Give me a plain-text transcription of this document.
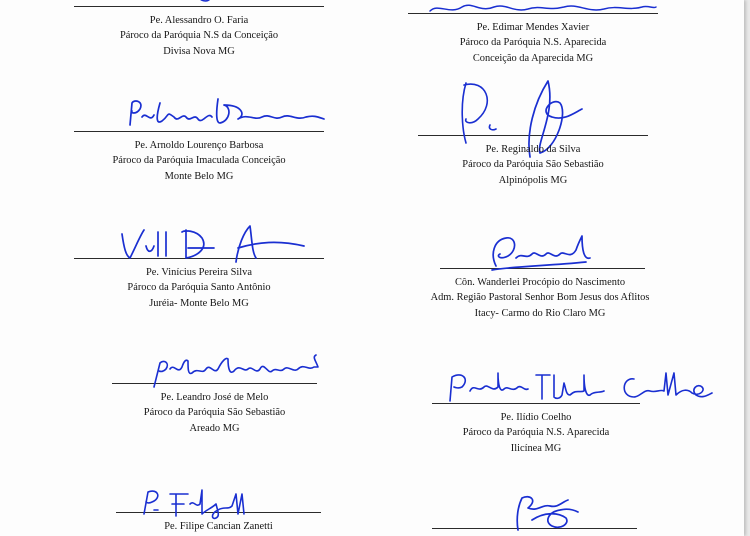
Pe. Alessandro O. Faria
Pároco da Paróquia N.S da Conceição
Divisa Nova MG
Pe. Edimar Mendes Xavier
Pároco da Paróquia N.S. Aparecida
Conceição da Aparecida MG
Pe. Arnoldo Lourenço Barbosa
Pároco da Paróquia Imaculada Conceição
Monte Belo MG
Pe. Reginaldo da Silva
Pároco da Paróquia São Sebastião
Alpinópolis MG
Pe. Vinícius Pereira Silva
Pároco da Paróquia Santo Antônio
Juréia- Monte Belo MG
Côn. Wanderlei Procópio do Nascimento
Adm. Região Pastoral Senhor Bom Jesus dos Aflitos
Itacy- Carmo do Rio Claro MG
Pe. Leandro José de Melo
Pároco da Paróquia São Sebastião
Areado MG
Pe. Ilídio Coelho
Pároco da Paróquia N.S. Aparecida
Ilicínea MG
Pe. Filipe Cancian Zanetti
